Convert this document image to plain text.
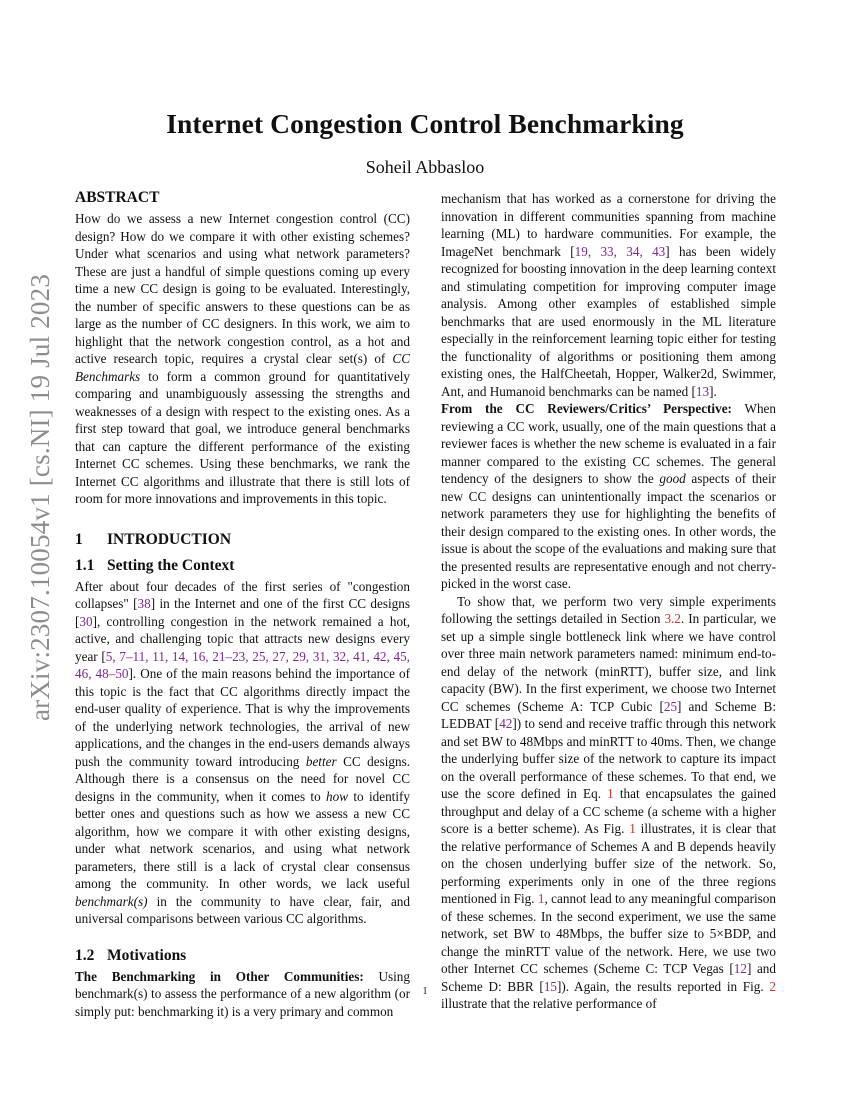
arXiv:2307.10054v1 [cs.NI] 19 Jul 2023
Internet Congestion Control Benchmarking
Soheil Abbasloo
ABSTRACT

How do we assess a new Internet congestion control (CC) design? How do we compare it with other existing schemes? Under what scenarios and using what network parameters? These are just a handful of simple questions coming up every time a new CC design is going to be evaluated. Interestingly, the number of specific answers to these questions can be as large as the number of CC designers. In this work, we aim to highlight that the network congestion control, as a hot and active research topic, requires a crystal clear set(s) of CC Benchmarks to form a common ground for quantitatively comparing and unambiguously assessing the strengths and weaknesses of a design with respect to the existing ones. As a first step toward that goal, we introduce general benchmarks that can capture the different performance of the existing Internet CC schemes. Using these benchmarks, we rank the Internet CC algorithms and illustrate that there is still lots of room for more innovations and improvements in this topic.

1 INTRODUCTION
1.1 Setting the Context

After about four decades of the first series of "congestion collapses" [38] in the Internet and one of the first CC designs [30], controlling congestion in the network remained a hot, active, and challenging topic that attracts new designs every year [5, 7–11, 11, 14, 16, 21–23, 25, 27, 29, 31, 32, 41, 42, 45, 46, 48–50]. One of the main reasons behind the importance of this topic is the fact that CC algorithms directly impact the end-user quality of experience. That is why the improvements of the underlying network technologies, the arrival of new applications, and the changes in the end-users demands always push the community toward introducing better CC designs. Although there is a consensus on the need for novel CC designs in the community, when it comes to how to identify better ones and questions such as how we assess a new CC algorithm, how we compare it with other existing designs, under what network scenarios, and using what network parameters, there still is a lack of crystal clear consensus among the community. In other words, we lack useful benchmark(s) in the community to have clear, fair, and universal comparisons between various CC algorithms.

1.2 Motivations

The Benchmarking in Other Communities: Using benchmark(s) to assess the performance of a new algorithm (or simply put: benchmarking it) is a very primary and common

mechanism that has worked as a cornerstone for driving the innovation in different communities spanning from machine learning (ML) to hardware communities. For example, the ImageNet benchmark [19, 33, 34, 43] has been widely recognized for boosting innovation in the deep learning context and stimulating competition for improving computer image analysis. Among other examples of established simple benchmarks that are used enormously in the ML literature especially in the reinforcement learning topic either for testing the functionality of algorithms or positioning them among existing ones, the HalfCheetah, Hopper, Walker2d, Swimmer, Ant, and Humanoid benchmarks can be named [13].

From the CC Reviewers/Critics’ Perspective: When reviewing a CC work, usually, one of the main questions that a reviewer faces is whether the new scheme is evaluated in a fair manner compared to the existing CC schemes. The general tendency of the designers to show the good aspects of their new CC designs can unintentionally impact the scenarios or network parameters they use for highlighting the benefits of their design compared to the existing ones. In other words, the issue is about the scope of the evaluations and making sure that the presented results are representative enough and not cherry-picked in the worst case.

To show that, we perform two very simple experiments following the settings detailed in Section 3.2. In particular, we set up a simple single bottleneck link where we have control over three main network parameters named: minimum end-to-end delay of the network (minRTT), buffer size, and link capacity (BW). In the first experiment, we choose two Internet CC schemes (Scheme A: TCP Cubic [25] and Scheme B: LEDBAT [42]) to send and receive traffic through this network and set BW to 48Mbps and minRTT to 40ms. Then, we change the underlying buffer size of the network to capture its impact on the overall performance of these schemes. To that end, we use the score defined in Eq. 1 that encapsulates the gained throughput and delay of a CC scheme (a scheme with a higher score is a better scheme). As Fig. 1 illustrates, it is clear that the relative performance of Schemes A and B depends heavily on the chosen underlying buffer size of the network. So, performing experiments only in one of the three regions mentioned in Fig. 1, cannot lead to any meaningful comparison of these schemes. In the second experiment, we use the same network, set BW to 48Mbps, the buffer size to 5×BDP, and change the minRTT value of the network. Here, we use two other Internet CC schemes (Scheme C: TCP Vegas [12] and Scheme D: BBR [15]). Again, the results reported in Fig. 2 illustrate that the relative performance of

1
